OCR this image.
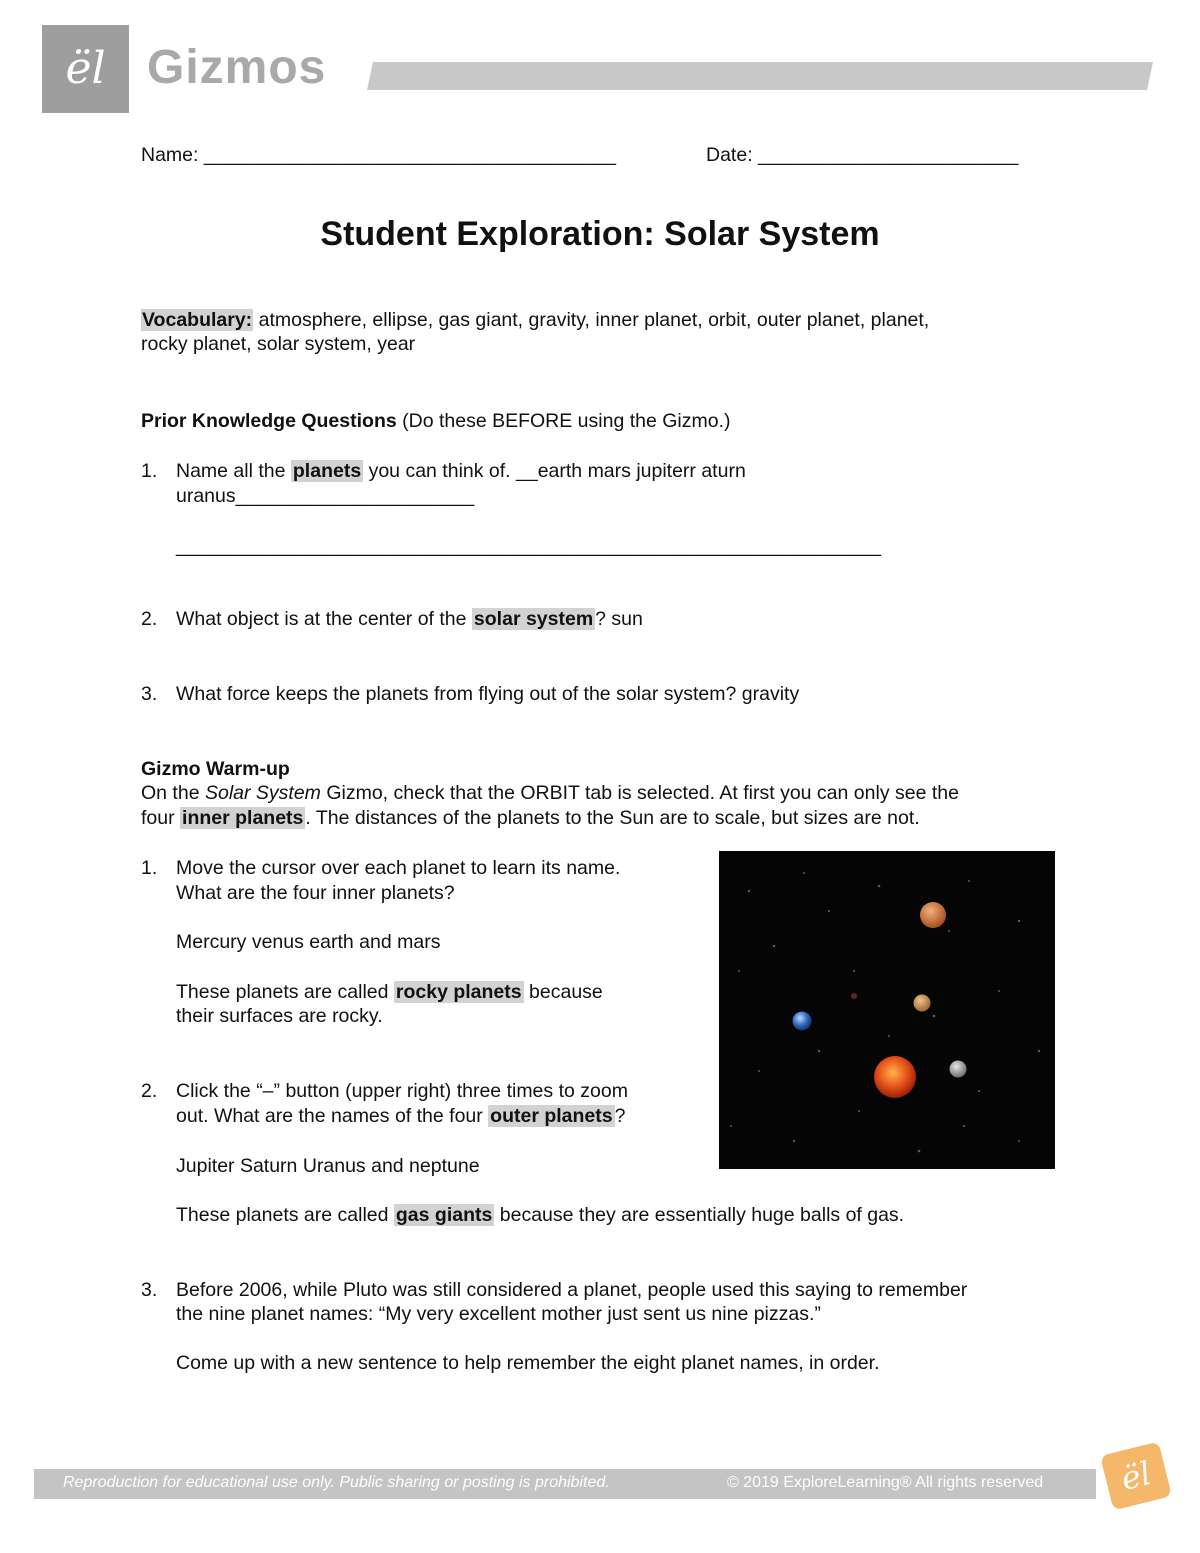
ël Gizmos
Name: ______________________________________	Date: ________________________
Student Exploration: Solar System
Vocabulary: atmosphere, ellipse, gas giant, gravity, inner planet, orbit, outer planet, planet,
rocky planet, solar system, year
Prior Knowledge Questions (Do these BEFORE using the Gizmo.)
1. Name all the planets you can think of. __earth mars jupiterr aturn
uranus______________________
_________________________________________________________________
2. What object is at the center of the solar system ? sun
3. What force keeps the planets from flying out of the solar system? gravity
Gizmo Warm-up
On the Solar System Gizmo, check that the ORBIT tab is selected. At first you can only see the
four inner planets . The distances of the planets to the Sun are to scale, but sizes are not.
1. Move the cursor over each planet to learn its name.
What are the four inner planets?
Mercury venus earth and mars
These planets are called rocky planets because
their surfaces are rocky.
2. Click the “–” button (upper right) three times to zoom
out. What are the names of the four outer planets ?
Jupiter Saturn Uranus and neptune
These planets are called gas giants because they are essentially huge balls of gas.
3. Before 2006, while Pluto was still considered a planet, people used this saying to remember
the nine planet names: “My very excellent mother just sent us nine pizzas.”
Come up with a new sentence to help remember the eight planet names, in order.
Reproduction for educational use only. Public sharing or posting is prohibited.	© 2019 ExploreLearning® All rights reserved	ël
